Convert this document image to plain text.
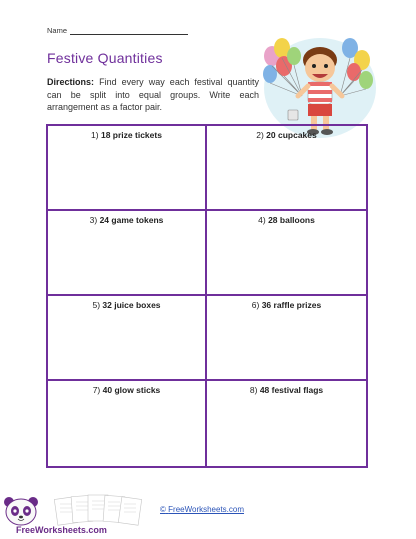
Name
Festive Quantities
Directions: Find every way each festival quantity can be split into equal groups. Write each arrangement as a factor pair.
1) 18 prize tickets	2) 20 cupcakes
3) 24 game tokens	4) 28 balloons
5) 32 juice boxes	6) 36 raffle prizes
7) 40 glow sticks	8) 48 festival flags
FreeWorksheets.com
© FreeWorksheets.com
